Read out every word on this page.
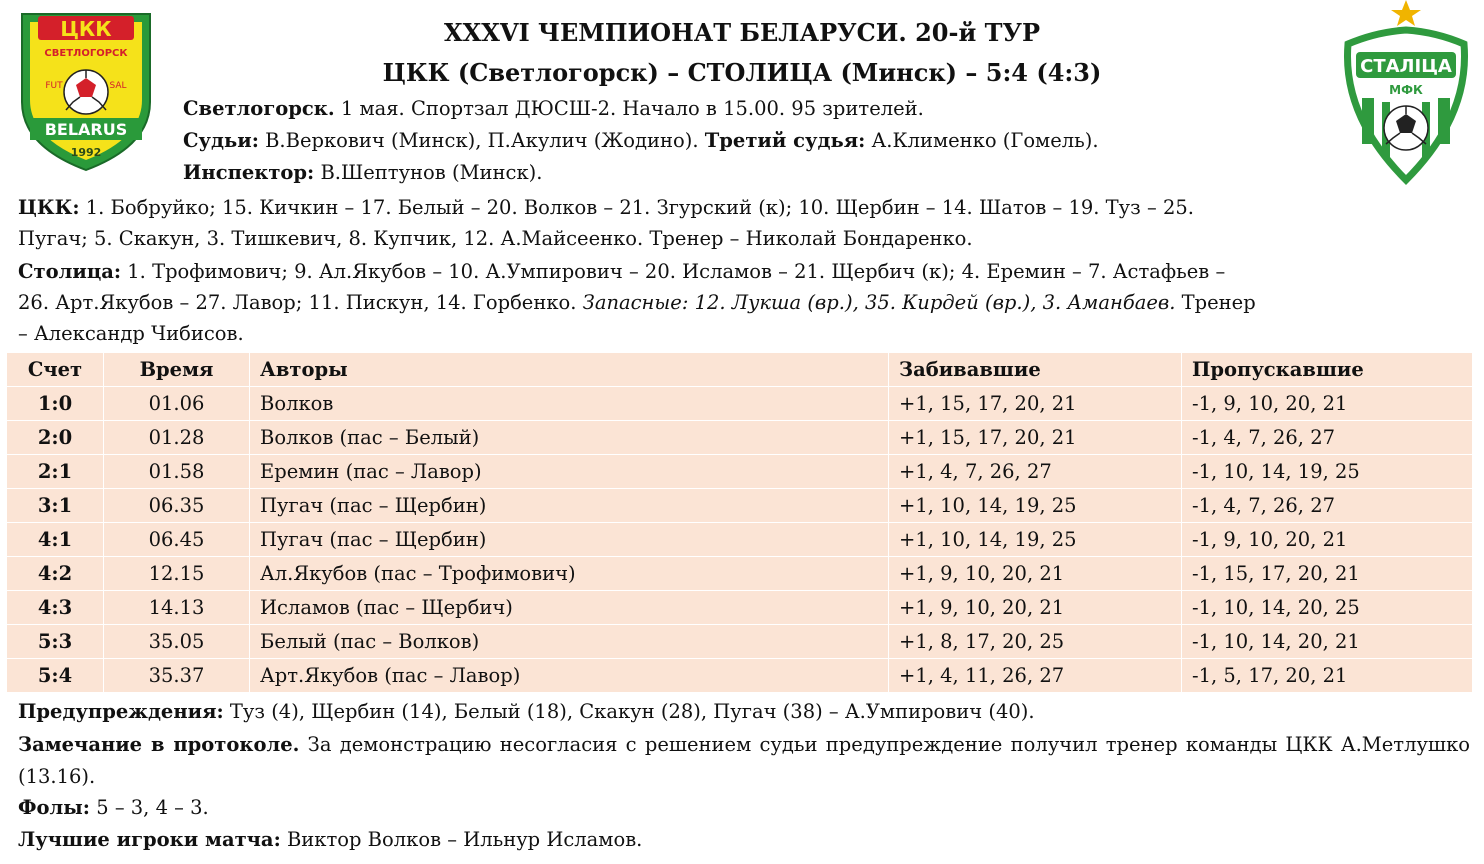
ЦКК
СВЕТЛОГОРСК
FUT	SAL
BELARUS
1992
СТАЛIЦА
МФК
XXXVI ЧЕМПИОНАТ БЕЛАРУСИ. 20-й ТУР
ЦКК (Светлогорск) – СТОЛИЦА (Минск) – 5:4 (4:3)
Светлогорск. 1 мая. Спортзал ДЮСШ-2. Начало в 15.00. 95 зрителей.
Судьи: В.Веркович (Минск), П.Акулич (Жодино). Третий судья: А.Клименко (Гомель).
Инспектор: В.Шептунов (Минск).
ЦКК: 1. Бобруйко; 15. Кичкин – 17. Белый – 20. Волков – 21. Згурский (к); 10. Щербин – 14. Шатов – 19. Туз – 25.
Пугач; 5. Скакун, 3. Тишкевич, 8. Купчик, 12. А.Майсеенко. Тренер – Николай Бондаренко.
Столица: 1. Трофимович; 9. Ал.Якубов – 10. А.Умпирович – 20. Исламов – 21. Щербич (к); 4. Еремин – 7. Астафьев –
26. Арт.Якубов – 27. Лавор; 11. Пискун, 14. Горбенко. Запасные: 12. Лукша (вр.), 35. Кирдей (вр.), 3. Аманбаев. Тренер
– Александр Чибисов.
Счет	Время	Авторы	Забивавшие	Пропускавшие
1:0	01.06	Волков	+1, 15, 17, 20, 21	-1, 9, 10, 20, 21
2:0	01.28	Волков (пас – Белый)	+1, 15, 17, 20, 21	-1, 4, 7, 26, 27
2:1	01.58	Еремин (пас – Лавор)	+1, 4, 7, 26, 27	-1, 10, 14, 19, 25
3:1	06.35	Пугач (пас – Щербин)	+1, 10, 14, 19, 25	-1, 4, 7, 26, 27
4:1	06.45	Пугач (пас – Щербин)	+1, 10, 14, 19, 25	-1, 9, 10, 20, 21
4:2	12.15	Ал.Якубов (пас – Трофимович)	+1, 9, 10, 20, 21	-1, 15, 17, 20, 21
4:3	14.13	Исламов (пас – Щербич)	+1, 9, 10, 20, 21	-1, 10, 14, 20, 25
5:3	35.05	Белый (пас – Волков)	+1, 8, 17, 20, 25	-1, 10, 14, 20, 21
5:4	35.37	Арт.Якубов (пас – Лавор)	+1, 4, 11, 26, 27	-1, 5, 17, 20, 21
Предупреждения: Туз (4), Щербин (14), Белый (18), Скакун (28), Пугач (38) – А.Умпирович (40).
Замечание в протоколе. За демонстрацию несогласия с решением судьи предупреждение получил тренер команды ЦКК А.Метлушко (13.16).
Фолы: 5 – 3, 4 – 3.
Лучшие игроки матча: Виктор Волков – Ильнур Исламов.
